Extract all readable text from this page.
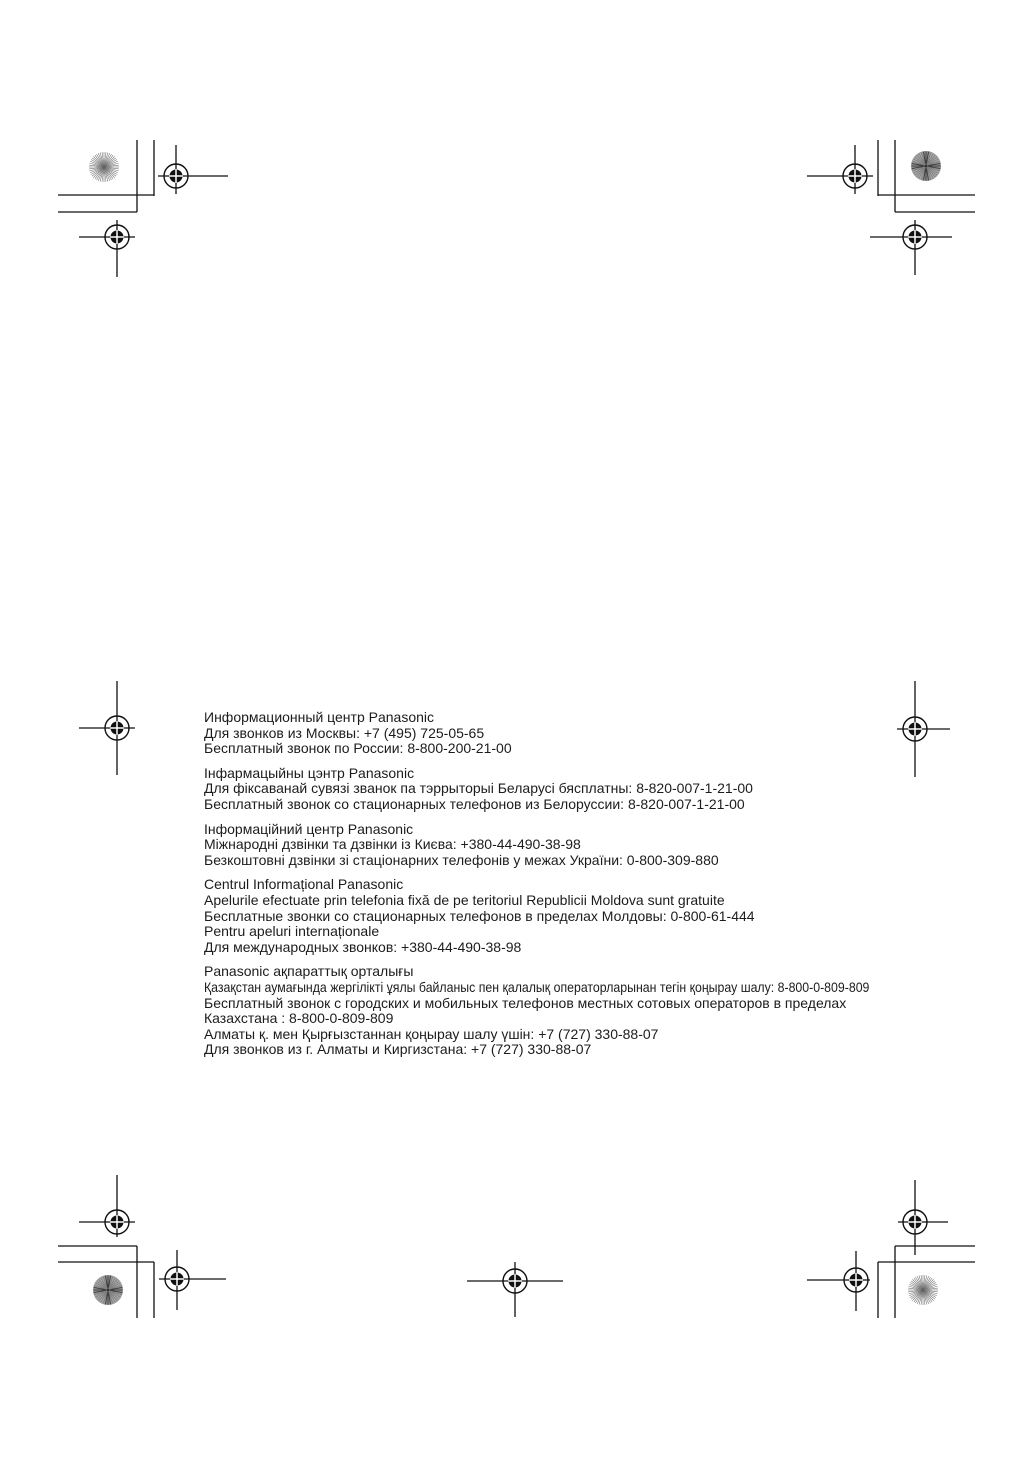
Информационный центр Panasonic
Для звонков из Москвы: +7 (495) 725-05-65
Бесплатный звонок по России: 8-800-200-21-00
Інфармацыйны цэнтр Panasonic
Для фіксаванай сувязі званок па тэррыторыі Беларусі бясплатны: 8-820-007-1-21-00
Бесплатный звонок со стационарных телефонов из Белоруссии: 8-820-007-1-21-00
Інформаційний центр Panasonic
Міжнародні дзвінки та дзвінки із Києва: +380-44-490-38-98
Безкоштовні дзвінки зі стаціонарних телефонів у межах України: 0-800-309-880
Centrul Informațional Panasonic
Apelurile efectuate prin telefonia fixă de pe teritoriul Republicii Moldova sunt gratuite
Бесплатные звонки со стационарных телефонов в пределах Молдовы: 0-800-61-444
Pentru apeluri internaționale
Для международных звонков: +380-44-490-38-98
Panasonic ақпараттық орталығы
Қазақстан аумағында жергілікті ұялы байланыс пен қалалық операторларынан тегін қоңырау шалу: 8-800-0-809-809
Бесплатный звонок с городских и мобильных телефонов местных сотовых операторов в пределах
Казахстана : 8-800-0-809-809
Алматы қ. мен Қырғызстаннан қоңырау шалу үшін: +7 (727) 330-88-07
Для звонков из г. Алматы и Киргизстана: +7 (727) 330-88-07
